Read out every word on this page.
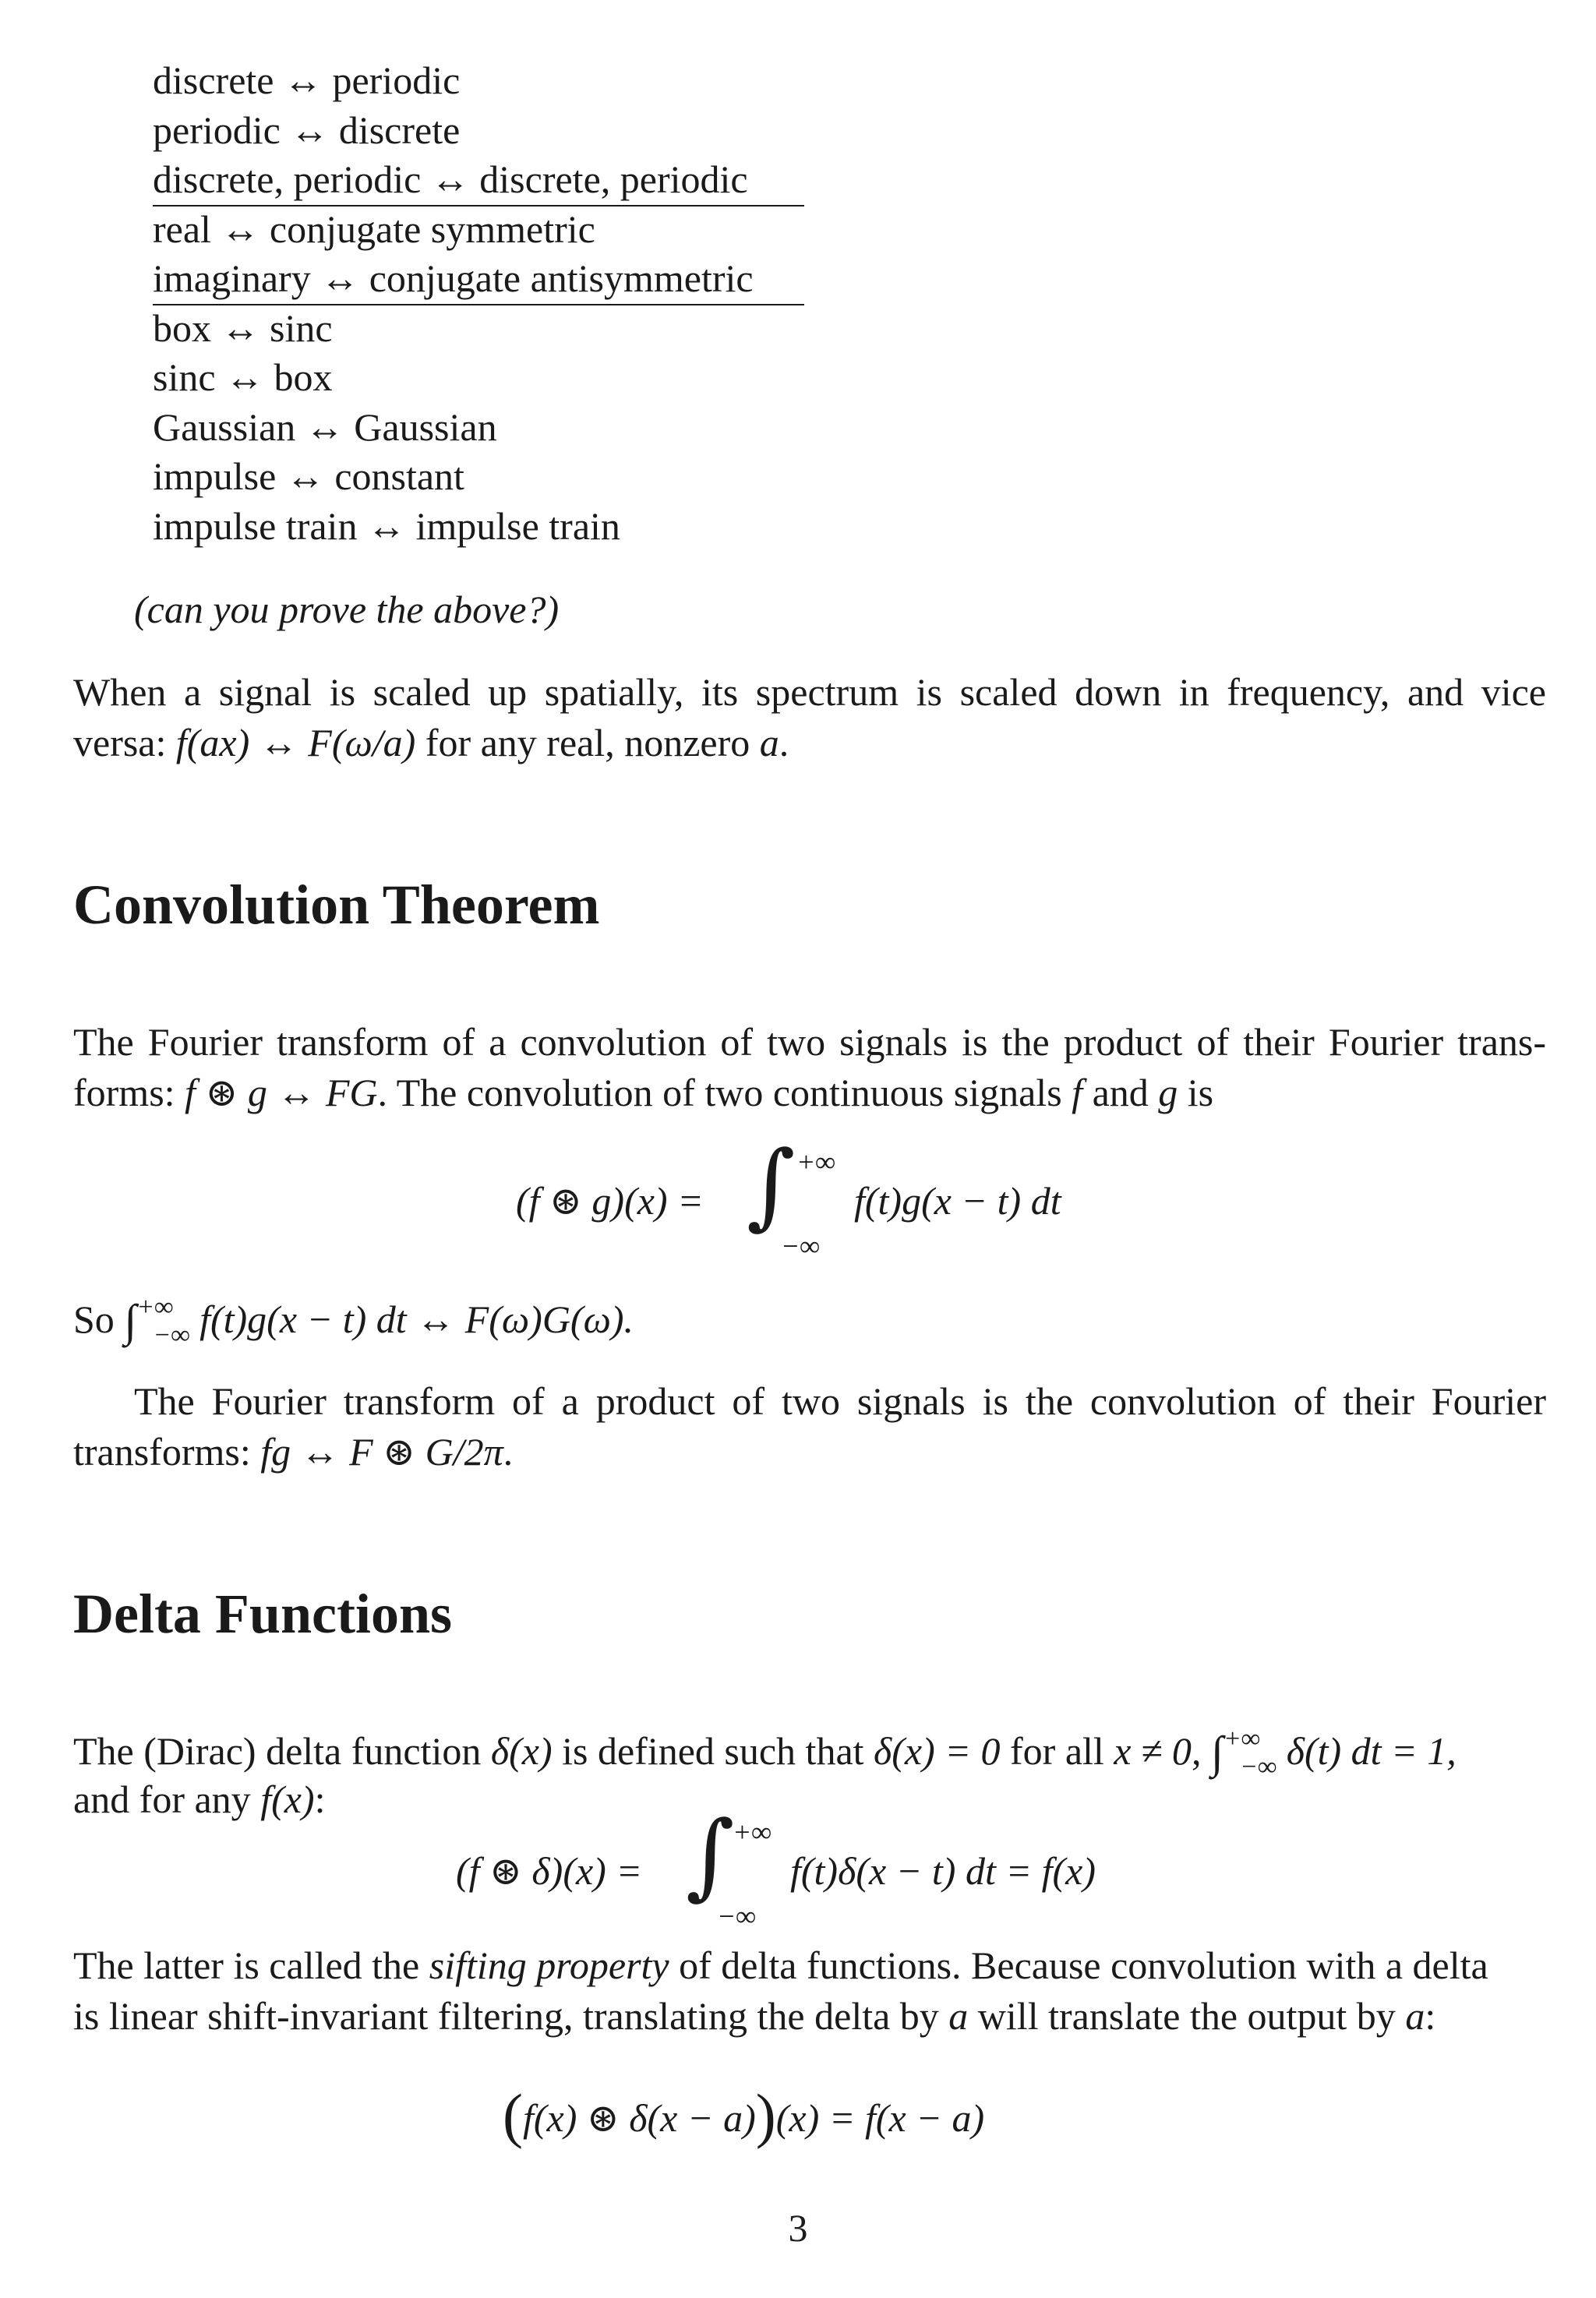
discrete ↔ periodic
periodic ↔ discrete
discrete, periodic ↔ discrete, periodic
real ↔ conjugate symmetric
imaginary ↔ conjugate antisymmetric
box ↔ sinc
sinc ↔ box
Gaussian ↔ Gaussian
impulse ↔ constant
impulse train ↔ impulse train
(can you prove the above?)
When a signal is scaled up spatially, its spectrum is scaled down in frequency, and vice
versa: f(ax) ↔ F(ω/a) for any real, nonzero a.
Convolution Theorem
The Fourier transform of a convolution of two signals is the product of their Fourier trans-
forms: f ⊛ g ↔ FG. The convolution of two continuous signals f and g is
(f ⊛ g)(x) = ∫ +∞
−∞
f(t)g(x − t) dt
So $\int^{+\infty}_{-\infty}$ f(t)g(x − t) dt ↔ F(ω)G(ω).
The Fourier transform of a product of two signals is the convolution of their Fourier
transforms: fg ↔ F ⊛ G/2π.
Delta Functions
The (Dirac) delta function δ(x) is defined such that δ(x) = 0 for all x ≠ 0, $\int^{+\infty}_{-\infty}$ δ(t) dt = 1,
and for any f(x):
(f ⊛ δ)(x) = ∫
+∞
−∞
f(t)δ(x − t) dt = f(x)
The latter is called the sifting property of delta functions. Because convolution with a delta
is linear shift-invariant filtering, translating the delta by a will translate the output by a:
(f(x) ⊛ δ(x − a))(x) = f(x − a)
3
